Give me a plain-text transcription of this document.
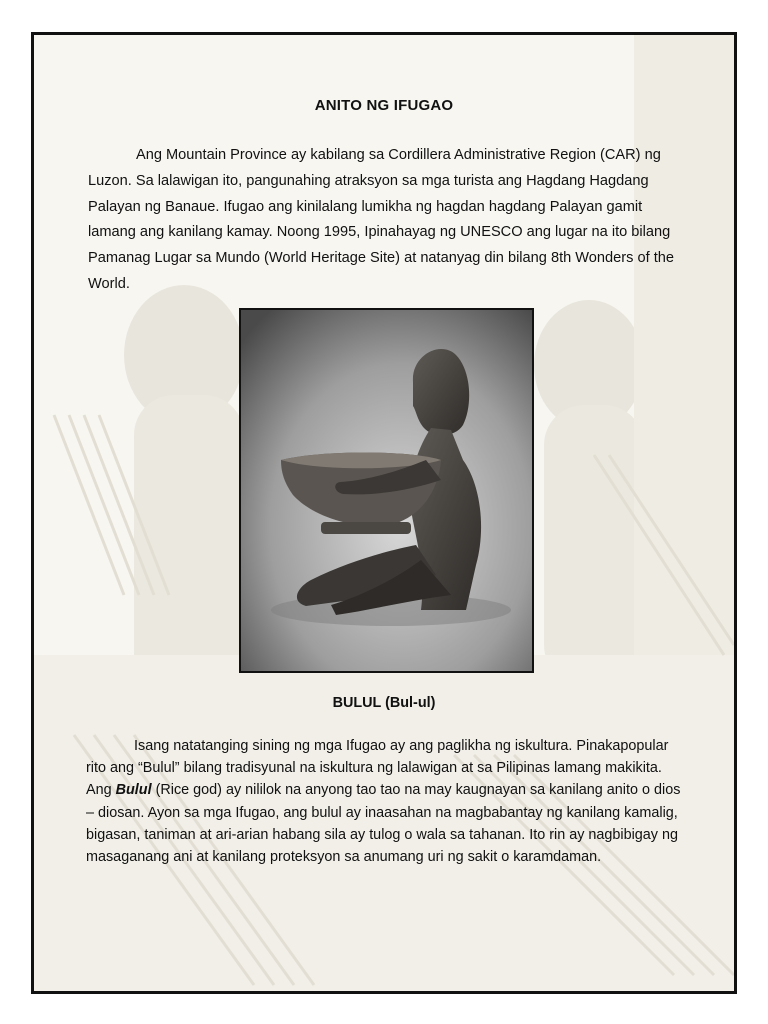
ANITO NG IFUGAO
Ang Mountain Province ay kabilang sa Cordillera Administrative Region (CAR) ng Luzon. Sa lalawigan ito, pangunahing atraksyon sa mga turista ang Hagdang Hagdang Palayan ng Banaue. Ifugao ang kinilalang lumikha ng hagdan hagdang Palayan gamit lamang ang kanilang kamay. Noong 1995, Ipinahayag ng UNESCO ang lugar na ito bilang Pamanag Lugar sa Mundo (World Heritage Site) at natanyag din bilang 8th Wonders of the World.
BULUL (Bul-ul)
Isang natatanging sining ng mga Ifugao ay ang paglikha ng iskultura. Pinakapopular rito ang “Bulul” bilang tradisyunal na iskultura ng lalawigan at sa Pilipinas lamang makikita. Ang Bulul (Rice god) ay nililok na anyong tao tao na may kaugnayan sa kanilang anito o dios – diosan. Ayon sa mga Ifugao, ang bulul ay inaasahan na magbabantay ng kanilang kamalig, bigasan, taniman at ari-arian habang sila ay tulog o wala sa tahanan. Ito rin ay nagbibigay ng masaganang ani at kanilang proteksyon sa anumang uri ng sakit o karamdaman.
